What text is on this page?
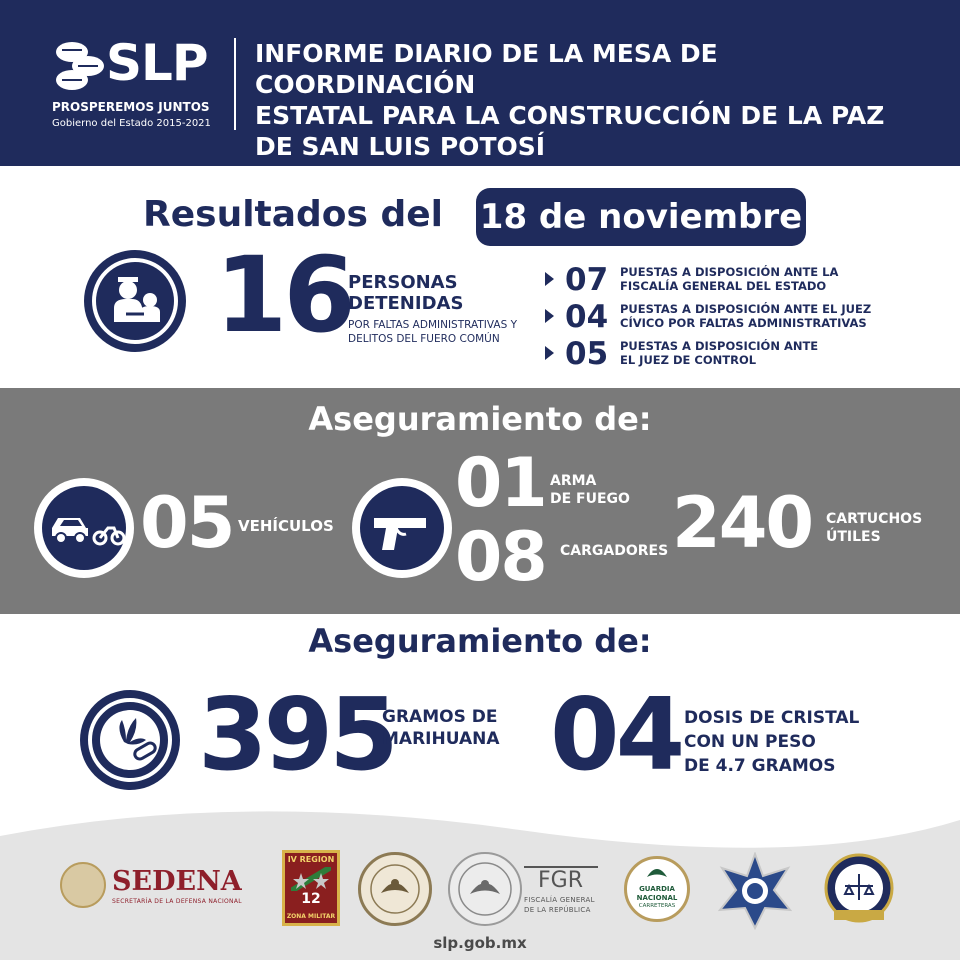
SLP
PROSPEREMOS JUNTOS
Gobierno del Estado 2015-2021
INFORME DIARIO DE LA MESA DE COORDINACIÓN
ESTATAL PARA LA CONSTRUCCIÓN DE LA PAZ
DE SAN LUIS POTOSÍ
Resultados del 18 de noviembre
16
PERSONAS
DETENIDAS
POR FALTAS ADMINISTRATIVAS Y
DELITOS DEL FUERO COMÚN
07 PUESTAS A DISPOSICIÓN ANTE LA
FISCALÍA GENERAL DEL ESTADO
04 PUESTAS A DISPOSICIÓN ANTE EL JUEZ
CÍVICO POR FALTAS ADMINISTRATIVAS
05 PUESTAS A DISPOSICIÓN ANTE
EL JUEZ DE CONTROL
Aseguramiento de:
05 VEHÍCULOS
01 ARMA
DE FUEGO
08 CARGADORES 240 CARTUCHOS
ÚTILES
Aseguramiento de:
395
GRAMOS DE
MARIHUANA 04 DOSIS DE CRISTAL
CON UN PESO
DE 4.7 GRAMOS
SEDENA
SECRETARÍA DE LA DEFENSA NACIONAL
IV REGION
12
ZONA MILITAR
FGR
FISCALÍA GENERAL
DE LA REPÚBLICA
GUARDIA
NACIONAL
CARRETERAS
slp.gob.mx
